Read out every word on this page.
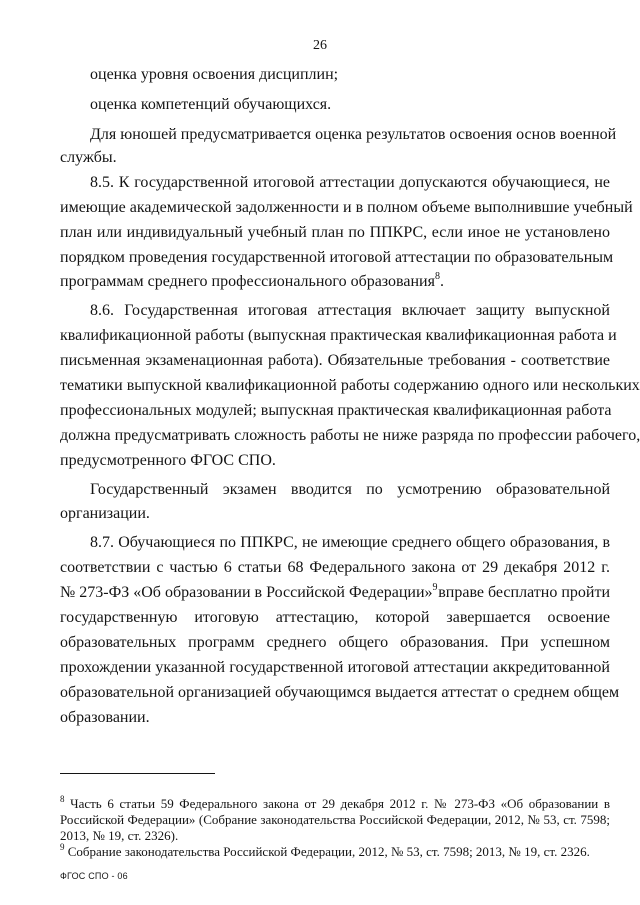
26
оценка уровня освоения дисциплин;
оценка компетенций обучающихся.
Для юношей предусматривается оценка результатов освоения основ военной
службы.
8.5. К государственной итоговой аттестации допускаются обучающиеся, не
имеющие академической задолженности и в полном объеме выполнившие учебный
план или индивидуальный учебный план по ППКРС, если иное не установлено
порядком проведения государственной итоговой аттестации по образовательным
программам среднего профессионального образования$^8$.
8.6. Государственная итоговая аттестация включает защиту выпускной
квалификационной работы (выпускная практическая квалификационная работа и
письменная экзаменационная работа). Обязательные требования - соответствие
тематики выпускной квалификационной работы содержанию одного или нескольких
профессиональных модулей; выпускная практическая квалификационная работа
должна предусматривать сложность работы не ниже разряда по профессии рабочего,
предусмотренного ФГОС СПО.
Государственный экзамен вводится по усмотрению образовательной
организации.
8.7. Обучающиеся по ППКРС, не имеющие среднего общего образования, в
соответствии с частью 6 статьи 68 Федерального закона от 29 декабря 2012 г.
№ 273-ФЗ «Об образовании в Российской Федерации»$^9$ вправе бесплатно пройти
государственную итоговую аттестацию, которой завершается освоение
образовательных программ среднего общего образования. При успешном
прохождении указанной государственной итоговой аттестации аккредитованной
образовательной организацией обучающимся выдается аттестат о среднем общем
образовании.
$^8$ Часть 6 статьи 59 Федерального закона от 29 декабря 2012 г. № 273-ФЗ «Об образовании в
Российской Федерации» (Собрание законодательства Российской Федерации, 2012, № 53, ст. 7598;
2013, № 19, ст. 2326).
$^9$ Собрание законодательства Российской Федерации, 2012, № 53, ст. 7598; 2013, № 19, ст. 2326.
ФГОС СПО - 06
